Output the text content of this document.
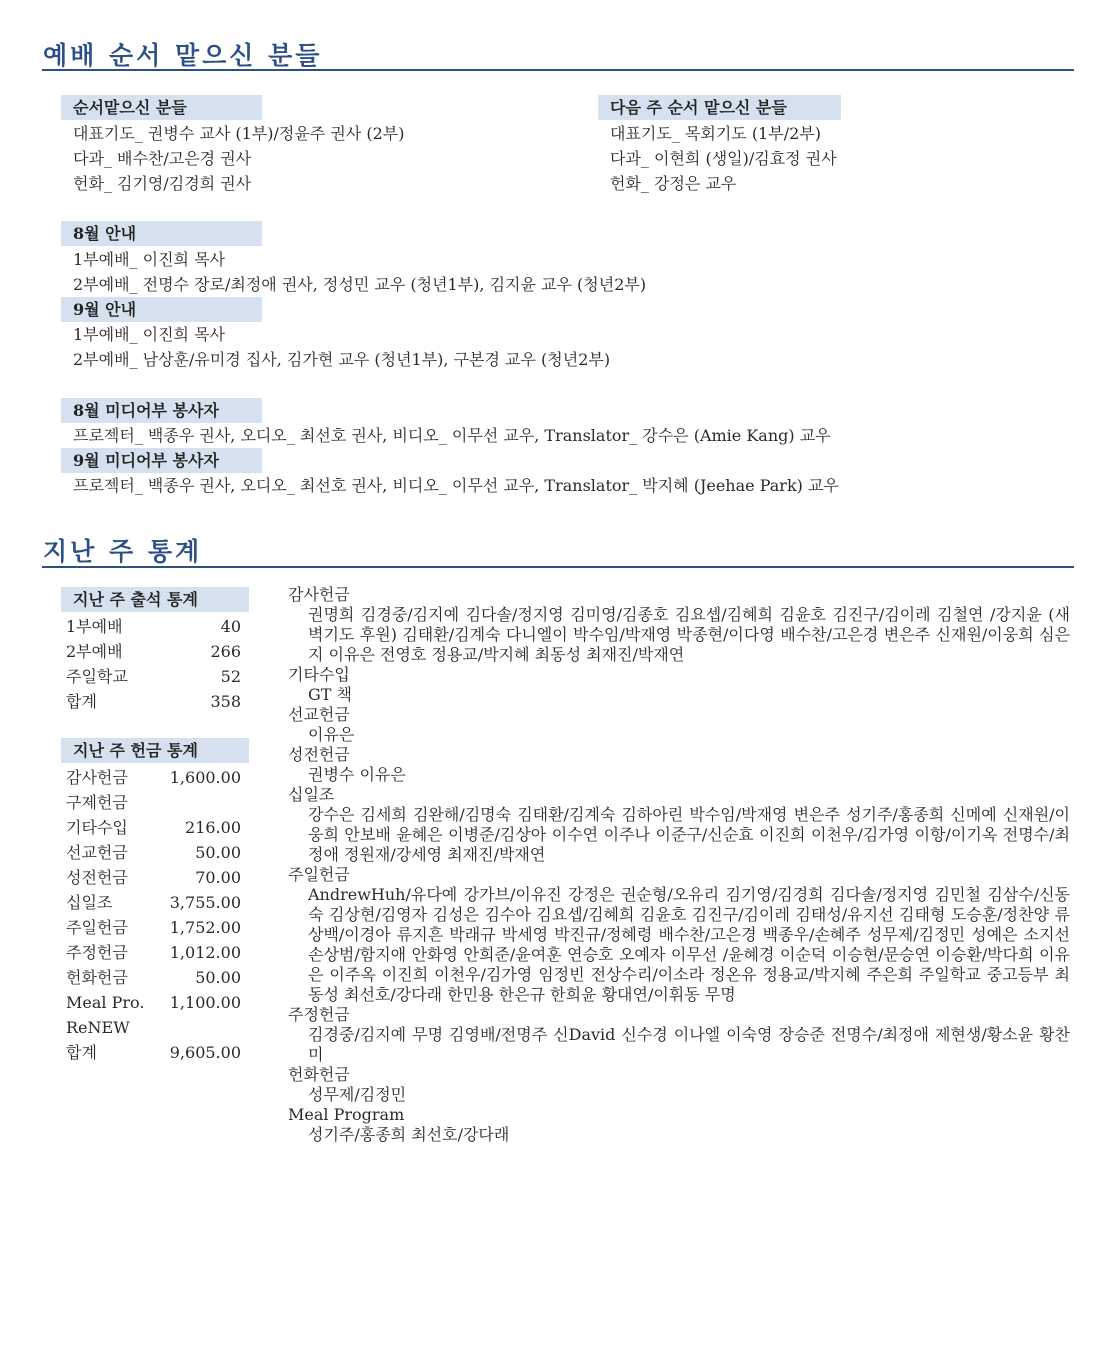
예배 순서 맡으신 분들
순서맡으신 분들

대표기도_ 권병수 교사 (1부)/정윤주 권사 (2부)

다과_ 배수찬/고은경 권사

헌화_ 김기영/김경희 권사

다음 주 순서 맡으신 분들

대표기도_ 목회기도 (1부/2부)

다과_ 이현희 (생일)/김효정 권사

헌화_ 강정은 교우

8월 안내

1부예배_ 이진희 목사

2부예배_ 전명수 장로/최정애 권사, 정성민 교우 (청년1부), 김지윤 교우 (청년2부)

9월 안내

1부예배_ 이진희 목사

2부예배_ 남상훈/유미경 집사, 김가현 교우 (청년1부), 구본경 교우 (청년2부)

8월 미디어부 봉사자

프로젝터_ 백종우 권사, 오디오_ 최선호 권사, 비디오_ 이무선 교우, Translator_ 강수은 (Amie Kang) 교우

9월 미디어부 봉사자

프로젝터_ 백종우 권사, 오디오_ 최선호 권사, 비디오_ 이무선 교우, Translator_ 박지혜 (Jeehae Park) 교우

지난 주 통계
지난 주 출석 통계
1부예배	40
2부예배	266
주일학교	52
합계	358
지난 주 헌금 통계
감사헌금	1,600.00
구제헌금
기타수입	216.00
선교헌금	50.00
성전헌금	70.00
십일조	3,755.00
주일헌금	1,752.00
주정헌금	1,012.00
헌화헌금	50.00
Meal Pro. 1,100.00
ReNEW
합계	9,605.00

감사헌금

권명희 김경중/김지예 김다솔/정지영 김미영/김종호 김요셉/김혜희 김윤호 김진구/김이레 김철연 /강지윤 (새벽기도 후원) 김태환/김계숙 다니엘이 박수임/박재영 박종현/이다영 배수찬/고은경 변은주 신재원/이웅희 심은지 이유은 전영호 정용교/박지혜 최동성 최재진/박재연

기타수입

GT 책

선교헌금

이유은

성전헌금

권병수 이유은

십일조

강수은 김세희 김완해/김명숙 김태환/김계숙 김하아린 박수임/박재영 변은주 성기주/홍종희 신메예 신재원/이웅희 안보배 윤혜은 이병준/김상아 이수연 이주나 이준구/신순효 이진희 이천우/김가영 이항/이기옥 전명수/최정애 정원재/강세영 최재진/박재연

주일헌금

AndrewHuh/유다예 강가브/이유진 강정은 권순형/오유리 김기영/김경희 김다솔/정지영 김민철 김삼수/신동숙 김상현/김영자 김성은 김수아 김요셉/김혜희 김윤호 김진구/김이레 김태성/유지선 김태형 도승훈/정찬양 류상백/이경아 류지흔 박래규 박세영 박진규/정혜령 배수찬/고은경 백종우/손혜주 성무제/김정민 성예은 소지선 손상범/함지애 안화영 안희준/윤여훈 연승호 오예자 이무선 /윤혜경 이순덕 이승현/문승연 이승환/박다희 이유은 이주옥 이진희 이천우/김가영 임정빈 전상수리/이소라 정온유 정용교/박지혜 주은희 주일학교 중고등부 최동성 최선호/강다래 한민용 한은규 한희윤 황대연/이휘동 무명

주정헌금

김경중/김지예 무명 김영배/전명주 신David 신수경 이나엘 이숙영 장승준 전명수/최정애 제현생/황소윤 황찬미

헌화헌금

성무제/김정민

Meal Program

성기주/홍종희 최선호/강다래
